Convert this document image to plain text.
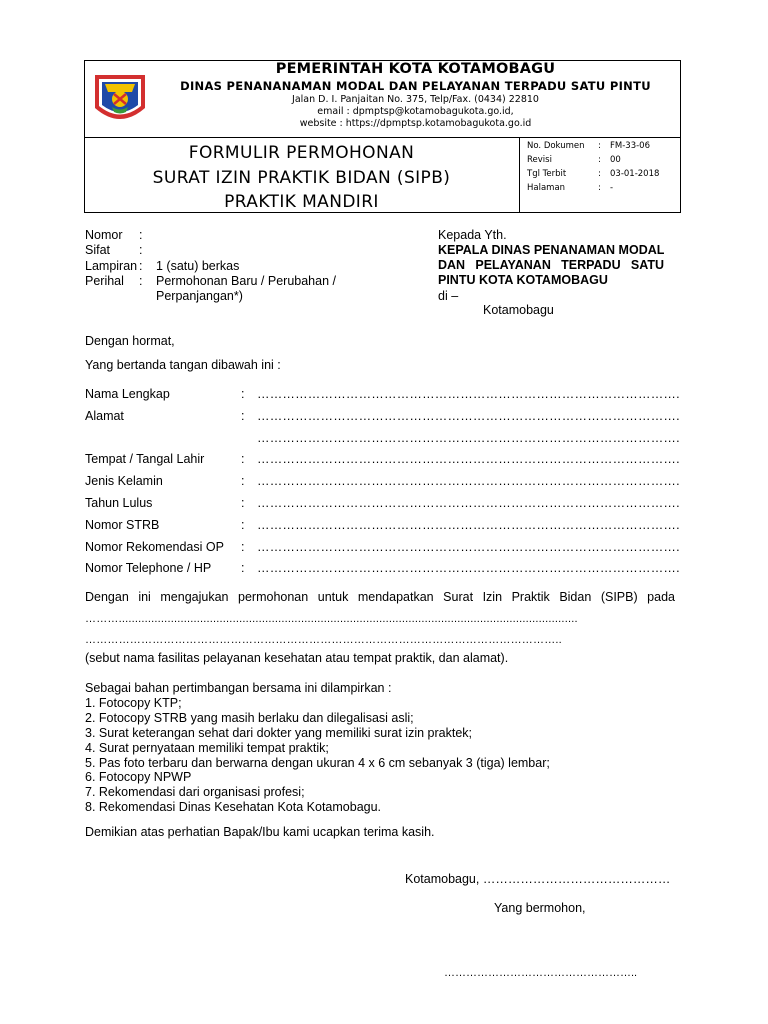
PEMERINTAH KOTA KOTAMOBAGU
DINAS PENANANAMAN MODAL DAN PELAYANAN TERPADU SATU PINTU
Jalan D. I. Panjaitan No. 375, Telp/Fax. (0434) 22810
email : dpmptsp@kotamobagukota.go.id,
website : https://dpmptsp.kotamobagukota.go.id
FORMULIR PERMOHONAN
SURAT IZIN PRAKTIK BIDAN (SIPB)
PRAKTIK MANDIRI
No. Dokumen : FM-33-06
Revisi	: 00
Tgl Terbit	: 03-01-2018
Halaman	: -
Nomor :
Sifat :
Lampiran : 1 (satu) berkas
Perihal : Permohonan Baru / Perubahan /
Perpanjangan*)
Kepada Yth.
KEPALA DINAS PENANAMAN MODAL
DAN PELAYANAN TERPADU SATU
PINTU KOTA KOTAMOBAGU
di –
Kotamobagu
Dengan hormat,
Yang bertanda tangan dibawah ini :
Nama Lengkap	: ……………………………………………………………………………………….
Alamat	: ……………………………………………………………………………………….
……………………………………………………………………………………….
Tempat / Tangal Lahir	: ……………………………………………………………………………………….
Jenis Kelamin	: ……………………………………………………………………………………….
Tahun Lulus	: ……………………………………………………………………………………….
Nomor STRB	: ……………………………………………………………………………………….
Nomor Rekomendasi OP : ……………………………………………………………………………………….
Nomor Telephone / HP : ……………………………………………………………………………………….
Dengan ini mengajukan permohonan untuk mendapatkan Surat Izin Praktik Bidan (SIPB) pada
……….............................................................................................................................................
………………………………………………………………………………………………………………..
(sebut nama fasilitas pelayanan kesehatan atau tempat praktik, dan alamat).
Sebagai bahan pertimbangan bersama ini dilampirkan :
1. Fotocopy KTP;
2. Fotocopy STRB yang masih berlaku dan dilegalisasi asli;
3. Surat keterangan sehat dari dokter yang memiliki surat izin praktek;
4. Surat pernyataan memiliki tempat praktik;
5. Pas foto terbaru dan berwarna dengan ukuran 4 x 6 cm sebanyak 3 (tiga) lembar;
6. Fotocopy NPWP
7. Rekomendasi dari organisasi profesi;
8. Rekomendasi Dinas Kesehatan Kota Kotamobagu.
Demikian atas perhatian Bapak/Ibu kami ucapkan terima kasih.
Kotamobagu, ………………………………………
Yang bermohon,
……………………………………………..
